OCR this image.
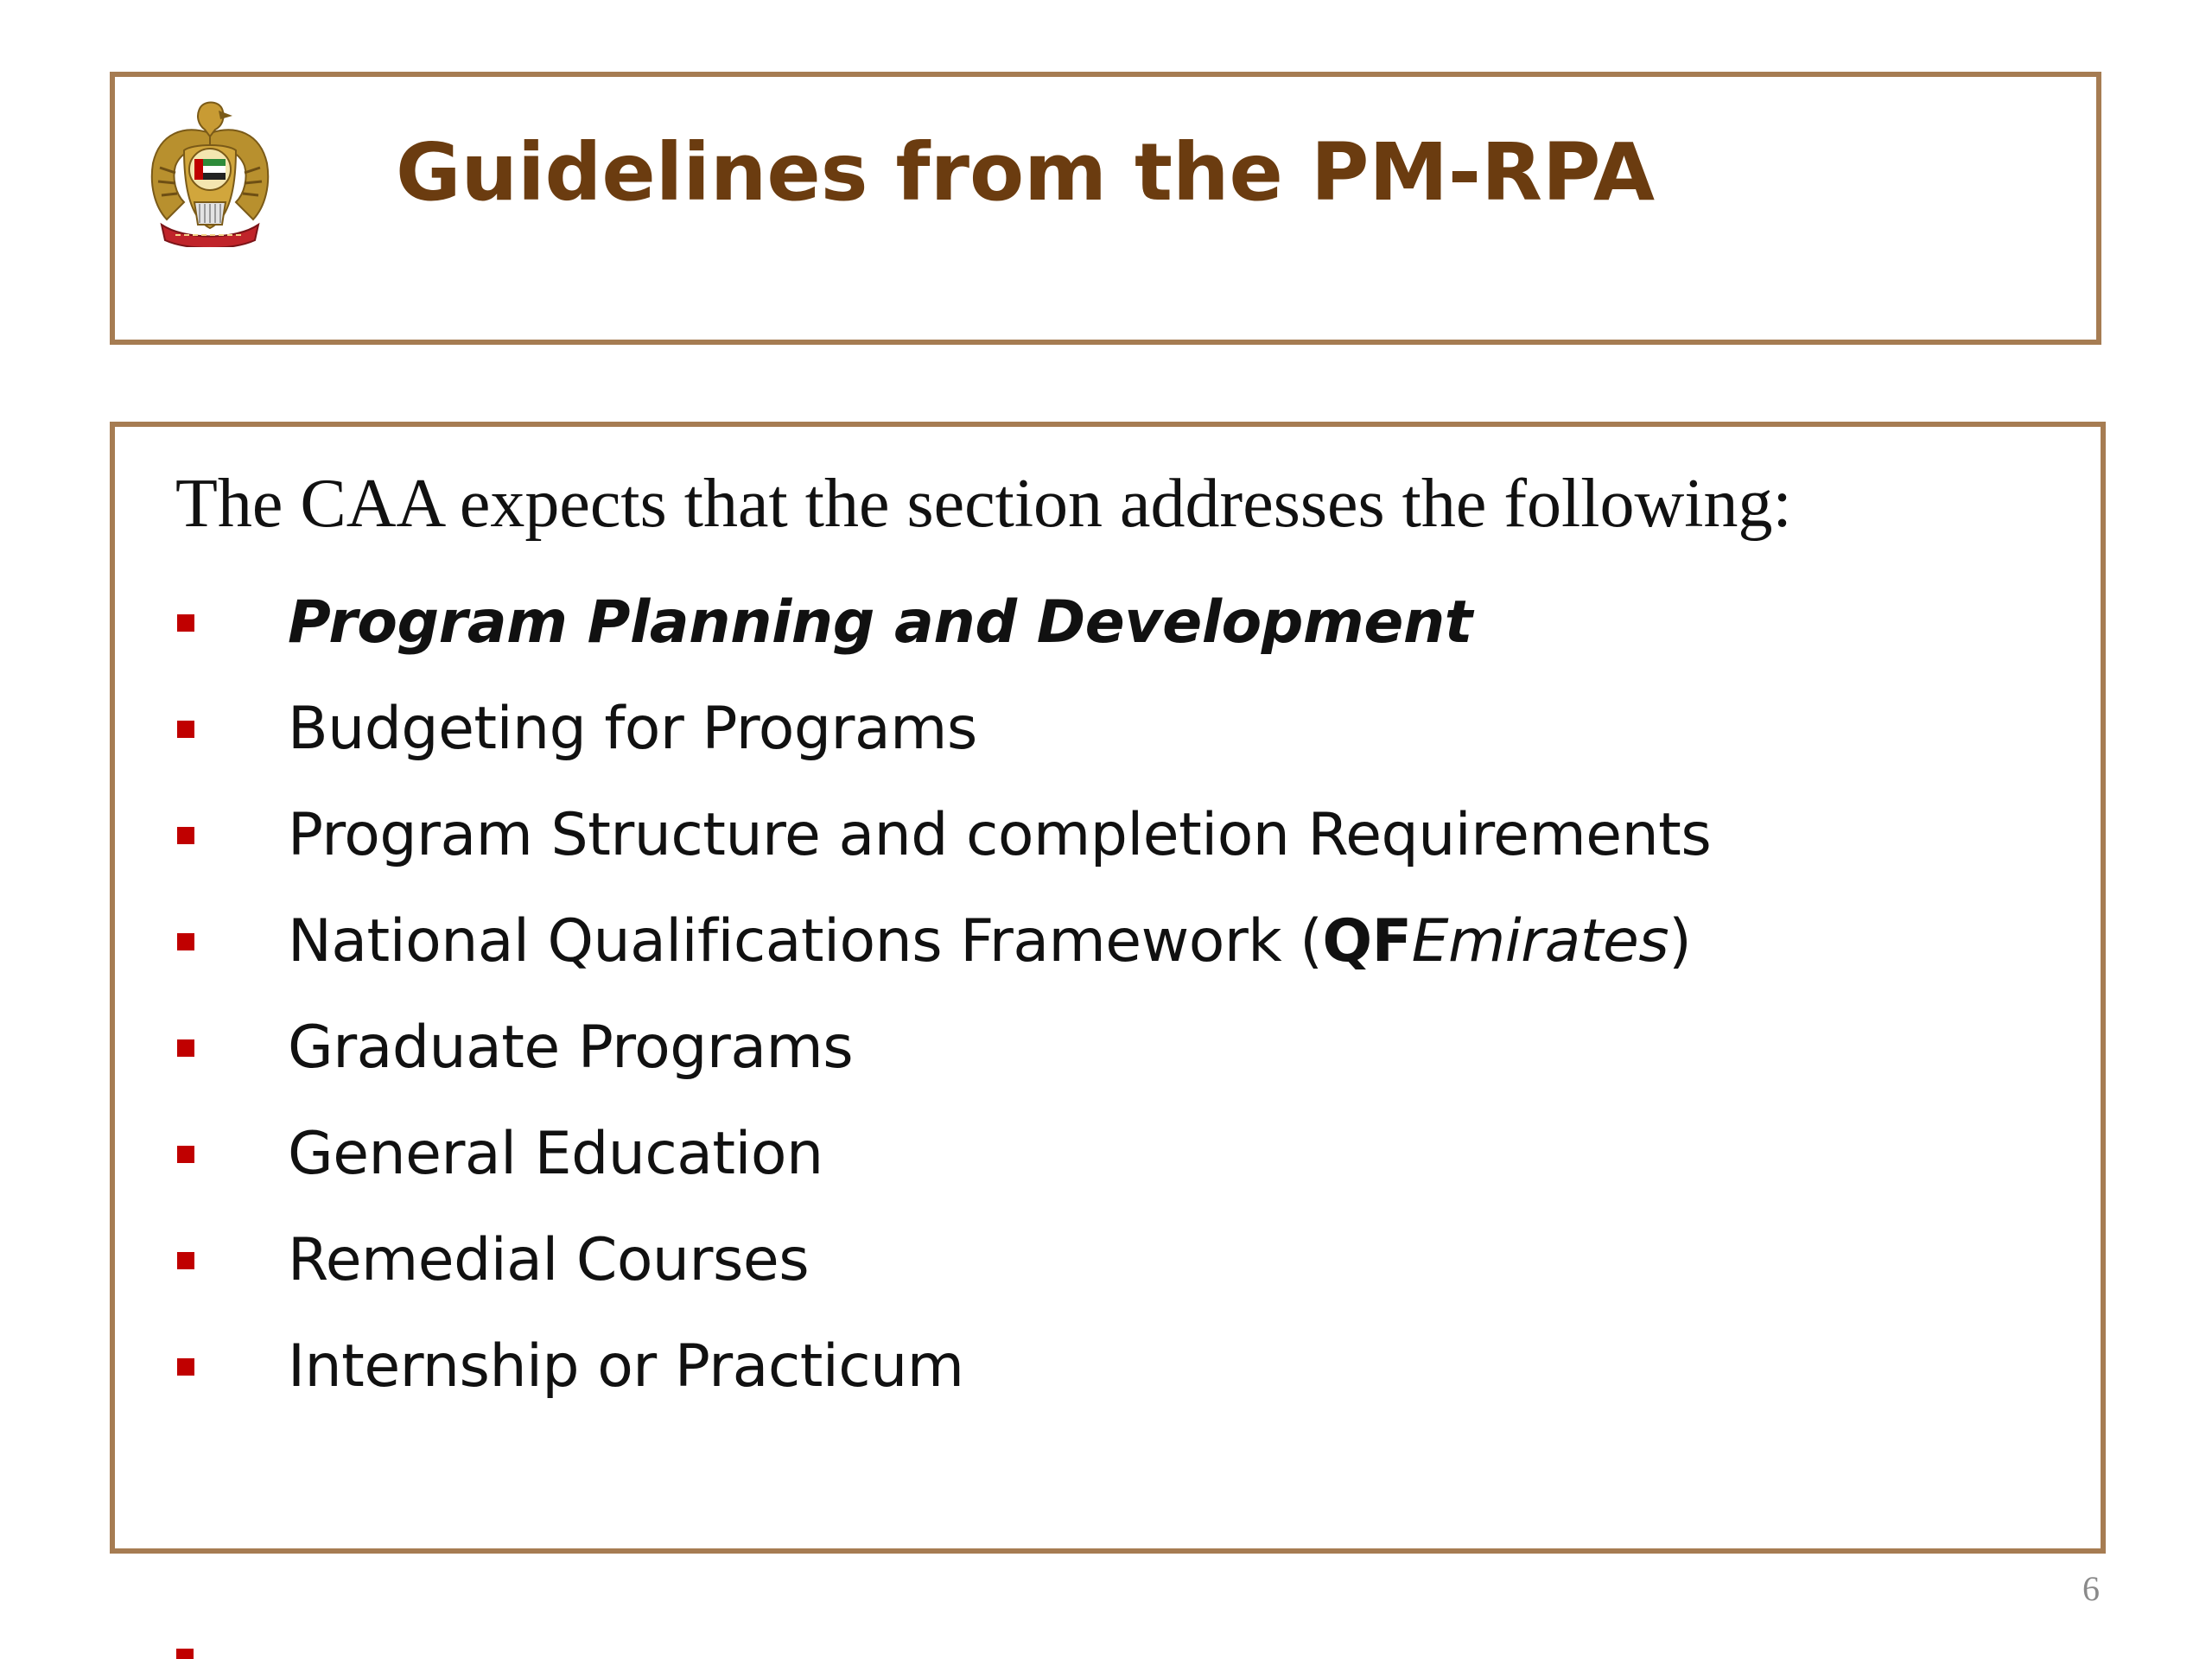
Guidelines from the PM-RPA

The CAA expects that the section addresses the following:

Program Planning and Development
Budgeting for Programs
Program Structure and completion Requirements
National Qualifications Framework (QFEmirates)
Graduate Programs
General Education
Remedial Courses
Internship or Practicum
6
